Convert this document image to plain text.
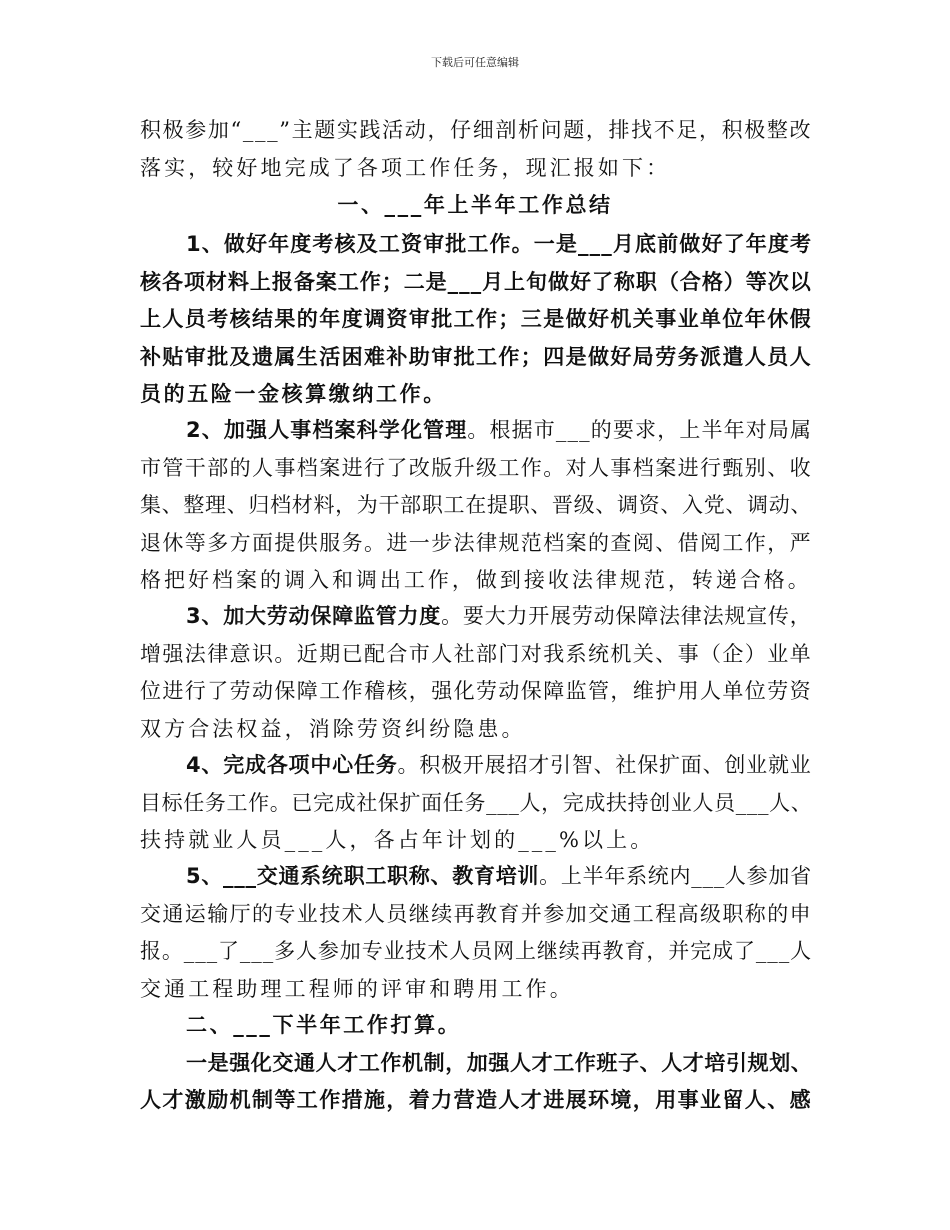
下载后可任意编辑
积极参加“___”主题实践活动，仔细剖析问题，排找不足，积极整改
落实，较好地完成了各项工作任务，现汇报如下：
一、___年上半年工作总结
1、做好年度考核及工资审批工作。一是___月底前做好了年度考
核各项材料上报备案工作；二是___月上旬做好了称职（合格）等次以
上人员考核结果的年度调资审批工作；三是做好机关事业单位年休假
补贴审批及遗属生活困难补助审批工作；四是做好局劳务派遣人员人
员的五险一金核算缴纳工作。
2、加强人事档案科学化管理。根据市___的要求，上半年对局属
市管干部的人事档案进行了改版升级工作。对人事档案进行甄别、收
集、整理、归档材料，为干部职工在提职、晋级、调资、入党、调动、
退休等多方面提供服务。进一步法律规范档案的查阅、借阅工作，严
格把好档案的调入和调出工作，做到接收法律规范，转递合格。
3、加大劳动保障监管力度。要大力开展劳动保障法律法规宣传，
增强法律意识。近期已配合市人社部门对我系统机关、事（企）业单
位进行了劳动保障工作稽核，强化劳动保障监管，维护用人单位劳资
双方合法权益，消除劳资纠纷隐患。
4、完成各项中心任务。积极开展招才引智、社保扩面、创业就业
目标任务工作。已完成社保扩面任务___人，完成扶持创业人员___人、
扶持就业人员___人，各占年计划的___%以上。
5、___交通系统职工职称、教育培训。上半年系统内___人参加省
交通运输厅的专业技术人员继续再教育并参加交通工程高级职称的申
报。___了___多人参加专业技术人员网上继续再教育，并完成了___人
交通工程助理工程师的评审和聘用工作。
二、___下半年工作打算。
一是强化交通人才工作机制，加强人才工作班子、人才培引规划、
人才激励机制等工作措施，着力营造人才进展环境，用事业留人、感
